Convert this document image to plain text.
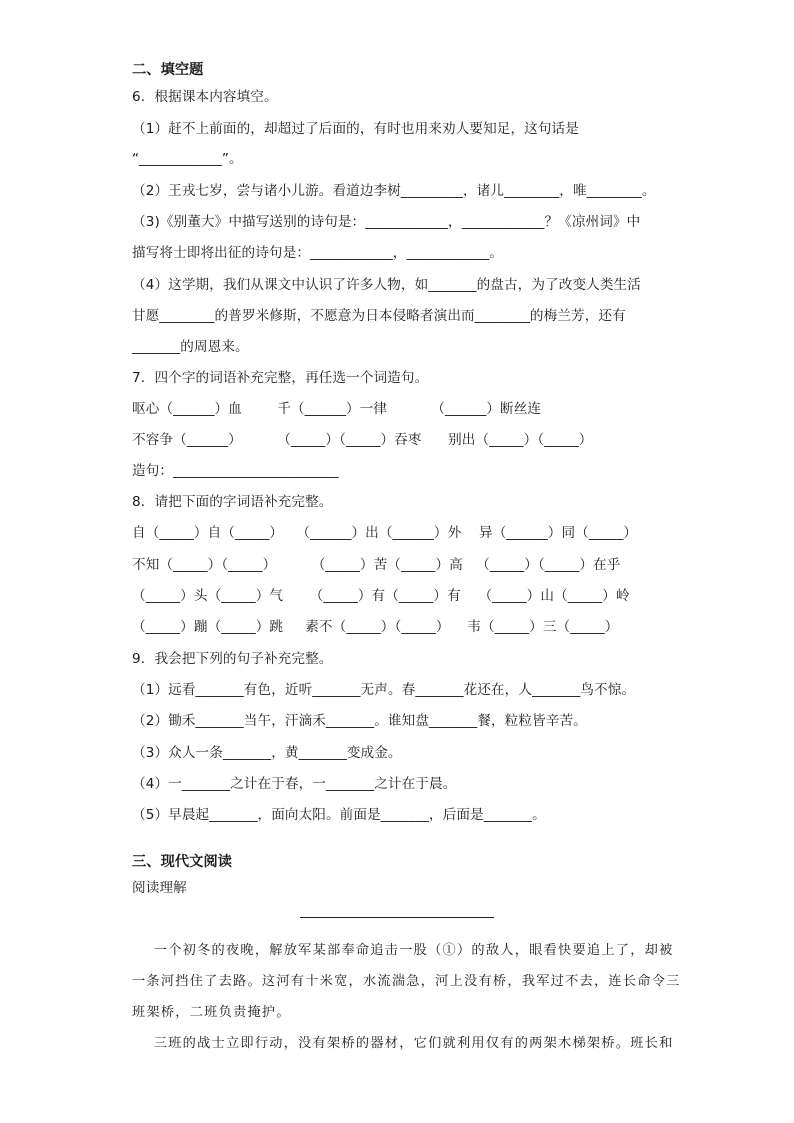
二、填空题
6．根据课本内容填空。
（1）赶不上前面的，却超过了后面的，有时也用来劝人要知足，这句话是
“____________”。
（2）王戎七岁，尝与诸小儿游。看道边李树_________，诸儿________，唯________。
（3)《别董大》中描写送别的诗句是：____________，____________？《凉州词》中
描写将士即将出征的诗句是：____________，____________。
（4）这学期，我们从课文中认识了许多人物，如_______的盘古，为了改变人类生活
甘愿________的普罗米修斯，不愿意为日本侵略者演出而________的梅兰芳，还有
_______的周恩来。
7．四个字的词语补充完整，再任选一个词造句。
呕心（______）血        千（______）一律          （______）断丝连
不容争（______）        （_____）（_____）吞枣      别出（_____）（_____）
造句：________________________
8．请把下面的字词语补充完整。
自（_____）自（_____）   （______）出（______）外    异（______）同（_____）
不知（_____）（_____）        （_____）苦（_____）高   （_____）（_____）在乎
（_____）头（_____）气      （_____）有（_____）有    （_____）山（_____）岭
（_____）蹦（_____）跳     素不（_____）（_____）    韦（_____）三（_____）
9．我会把下列的句子补充完整。
（1）远看_______有色，近听_______无声。春_______花还在，人_______鸟不惊。
（2）锄禾_______当午，汗滴禾_______。谁知盘_______餐，粒粒皆辛苦。
（3）众人一条_______，黄_______变成金。
（4）一_______之计在于春，一_______之计在于晨。
（5）早晨起_______，面向太阳。前面是_______，后面是_______。
三、现代文阅读
阅读理解
一个初冬的夜晚，解放军某部奉命追击一股（①）的敌人，眼看快要追上了，却被
一条河挡住了去路。这河有十米宽，水流湍急，河上没有桥，我军过不去，连长命令三
班架桥，二班负责掩护。
三班的战士立即行动，没有架桥的器材，它们就利用仅有的两架木梯架桥。班长和
